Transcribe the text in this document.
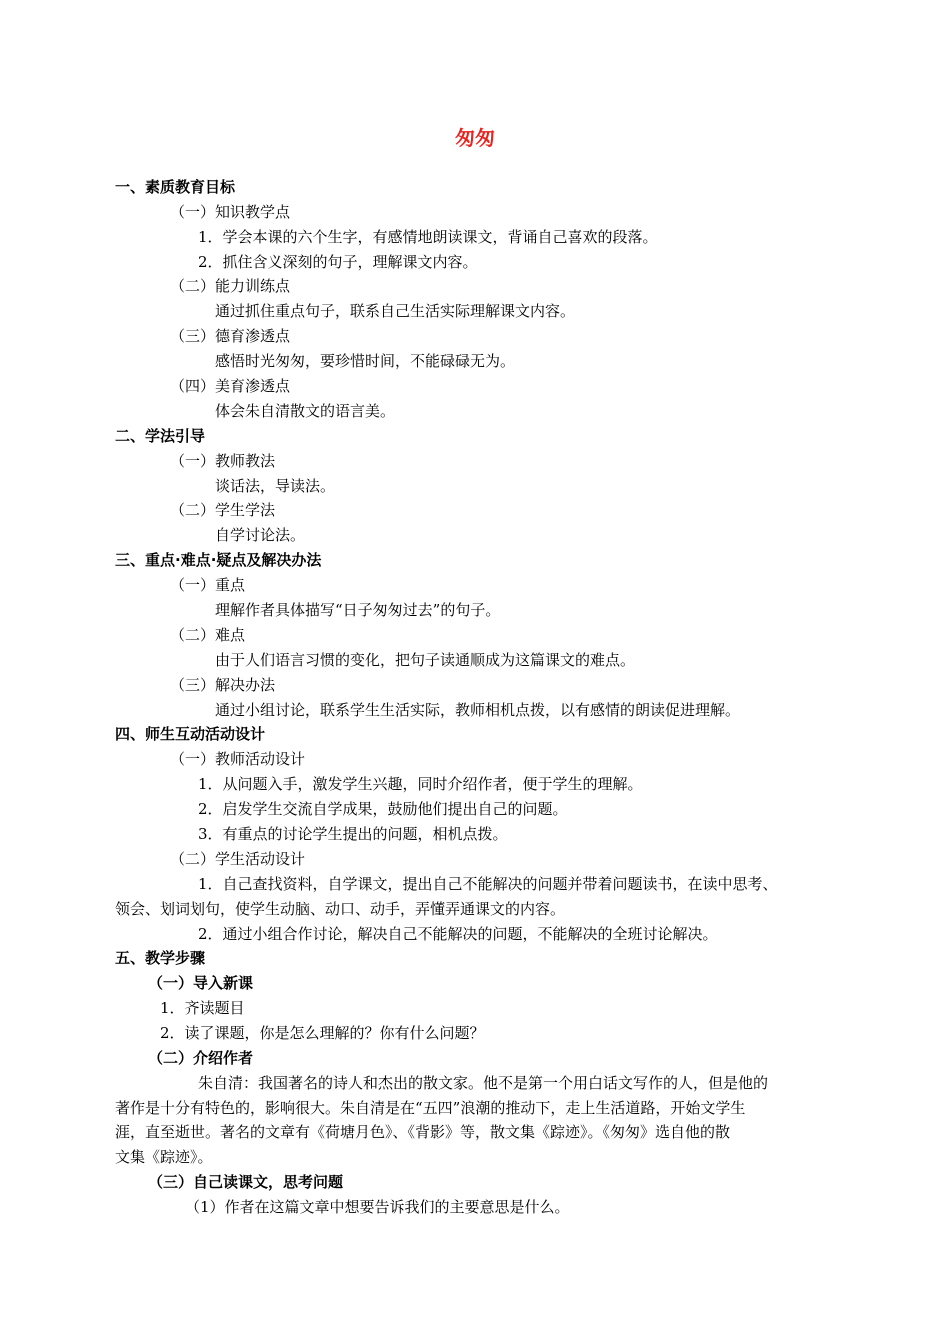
匆匆
一、素质教育目标
（一）知识教学点
1．学会本课的六个生字，有感情地朗读课文，背诵自己喜欢的段落。
2．抓住含义深刻的句子，理解课文内容。
（二）能力训练点
通过抓住重点句子，联系自己生活实际理解课文内容。
（三）德育渗透点
感悟时光匆匆，要珍惜时间，不能碌碌无为。
（四）美育渗透点
体会朱自清散文的语言美。
二、学法引导
（一）教师教法
谈话法，导读法。
（二）学生学法
自学讨论法。
三、重点·难点·疑点及解决办法
（一）重点
理解作者具体描写“日子匆匆过去”的句子。
（二）难点
由于人们语言习惯的变化，把句子读通顺成为这篇课文的难点。
（三）解决办法
通过小组讨论，联系学生生活实际，教师相机点拨，以有感情的朗读促进理解。
四、师生互动活动设计
（一）教师活动设计
1．从问题入手，激发学生兴趣，同时介绍作者，便于学生的理解。
2．启发学生交流自学成果，鼓励他们提出自己的问题。
3．有重点的讨论学生提出的问题，相机点拨。
（二）学生活动设计
1．自己查找资料，自学课文，提出自己不能解决的问题并带着问题读书，在读中思考、
领会、划词划句，使学生动脑、动口、动手，弄懂弄通课文的内容。
2．通过小组合作讨论，解决自己不能解决的问题，不能解决的全班讨论解决。
五、教学步骤
（一）导入新课
1．齐读题目
2．读了课题，你是怎么理解的？你有什么问题？
（二）介绍作者
朱自清：我国著名的诗人和杰出的散文家。他不是第一个用白话文写作的人，但是他的
著作是十分有特色的，影响很大。朱自清是在“五四”浪潮的推动下，走上生活道路，开始文学生
涯，直至逝世。著名的文章有《荷塘月色》、《背影》等，散文集《踪迹》。《匆匆》选自他的散
文集《踪迹》。
（三）自己读课文，思考问题
（1）作者在这篇文章中想要告诉我们的主要意思是什么。
